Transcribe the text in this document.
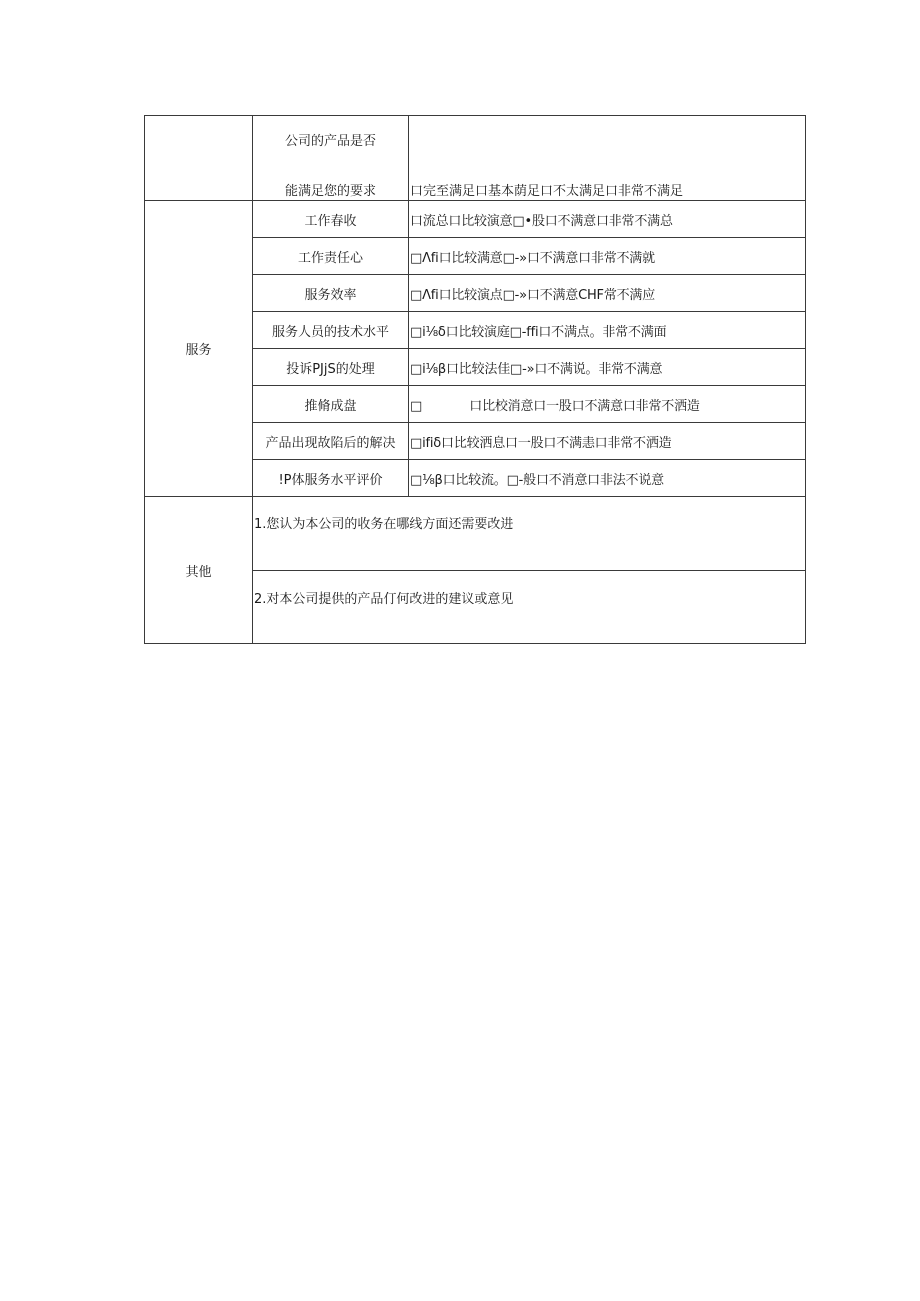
	公司的产品是否
能满足您的要求	口完至满足口基本荫足口不太满足口非常不满足

服务	工作春收	口流总口比较演意□•股口不满意口非常不满总
	工作责任心	□Λfi口比较满意□-»口不满意口非常不满就
	服务效率	□Λfi口比较演点□-»口不满意CHF常不满应
	服务人员的技术水平	□i⅛δ口比较演庭□-ffi口不满点。非常不满面
	投诉PJjS的处理	□i⅛β口比较法佳□-»口不满说。非常不满意
	推脩成盘	□            口比校消意口一股口不满意口非常不洒造
	产品出现故陷后的解决	□ifiδ口比较洒息口一股口不满恚口非常不洒造
	!P体服务水平评价	□⅛β口比较流。□-般口不消意口非法不说意
其他	1.您认为本公司的收务在哪线方面还需要改进	

	2.对本公司提供的产品仃何改进的建议或意见	
